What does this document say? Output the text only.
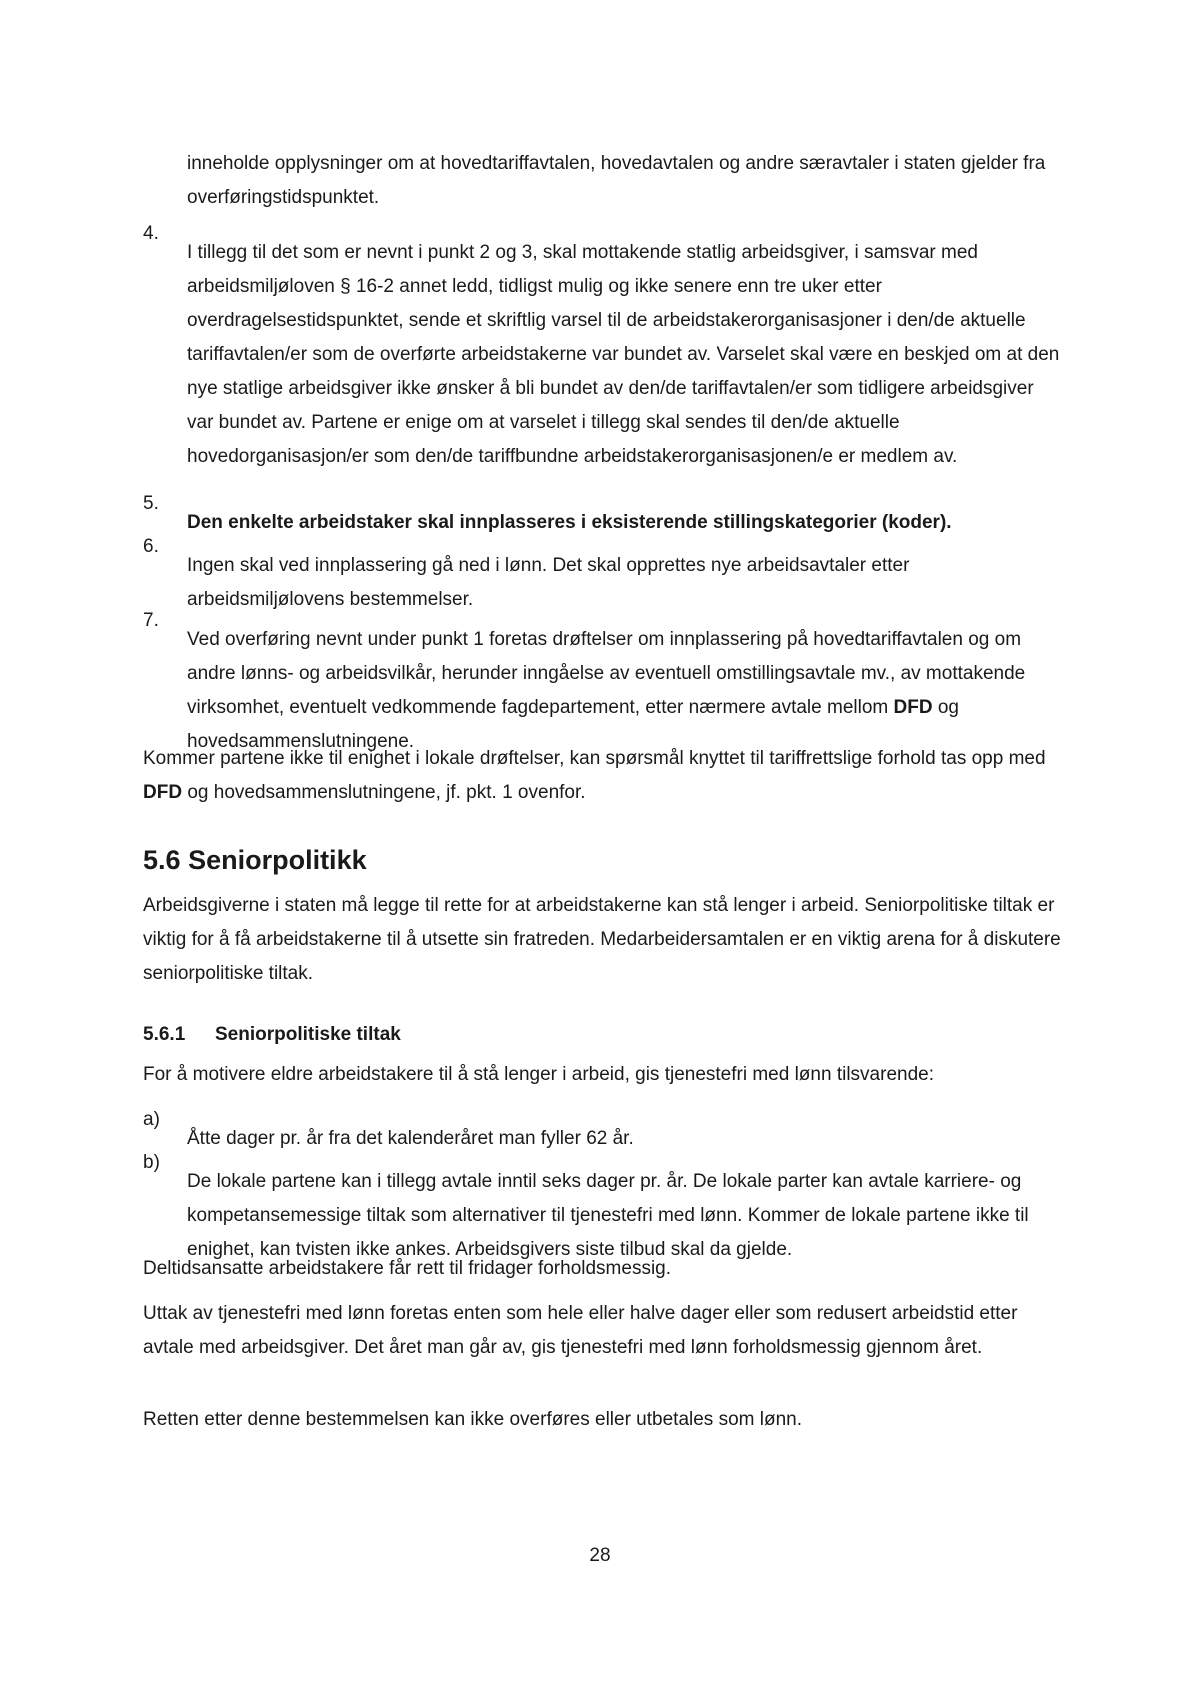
inneholde opplysninger om at hovedtariffavtalen, hovedavtalen og andre særavtaler i staten gjelder fra overføringstidspunktet.

4.

I tillegg til det som er nevnt i punkt 2 og 3, skal mottakende statlig arbeidsgiver, i samsvar med arbeidsmiljøloven § 16-2 annet ledd, tidligst mulig og ikke senere enn tre uker etter overdragelsestidspunktet, sende et skriftlig varsel til de arbeidstakerorganisasjoner i den/de aktuelle tariffavtalen/er som de overførte arbeidstakerne var bundet av. Varselet skal være en beskjed om at den nye statlige arbeidsgiver ikke ønsker å bli bundet av den/de tariffavtalen/er som tidligere arbeidsgiver var bundet av. Partene er enige om at varselet i tillegg skal sendes til den/de aktuelle hovedorganisasjon/er som den/de tariffbundne arbeidstakerorganisasjonen/e er medlem av.

5.

Den enkelte arbeidstaker skal innplasseres i eksisterende stillingskategorier (koder).

6.

Ingen skal ved innplassering gå ned i lønn. Det skal opprettes nye arbeidsavtaler etter arbeidsmiljølovens bestemmelser.

7.

Ved overføring nevnt under punkt 1 foretas drøftelser om innplassering på hovedtariffavtalen og om andre lønns- og arbeidsvilkår, herunder inngåelse av eventuell omstillingsavtale mv., av mottakende virksomhet, eventuelt vedkommende fagdepartement, etter nærmere avtale mellom DFD og hovedsammenslutningene.

Kommer partene ikke til enighet i lokale drøftelser, kan spørsmål knyttet til tariffrettslige forhold tas opp med DFD og hovedsammenslutningene, jf. pkt. 1 ovenfor.

5.6 Seniorpolitikk

Arbeidsgiverne i staten må legge til rette for at arbeidstakerne kan stå lenger i arbeid. Seniorpolitiske tiltak er viktig for å få arbeidstakerne til å utsette sin fratreden. Medarbeidersamtalen er en viktig arena for å diskutere seniorpolitiske tiltak.

5.6.1 Seniorpolitiske tiltak

For å motivere eldre arbeidstakere til å stå lenger i arbeid, gis tjenestefri med lønn tilsvarende:

a)

Åtte dager pr. år fra det kalenderåret man fyller 62 år.

b)

De lokale partene kan i tillegg avtale inntil seks dager pr. år. De lokale parter kan avtale karriere- og kompetansemessige tiltak som alternativer til tjenestefri med lønn. Kommer de lokale partene ikke til enighet, kan tvisten ikke ankes. Arbeidsgivers siste tilbud skal da gjelde.

Deltidsansatte arbeidstakere får rett til fridager forholdsmessig.

Uttak av tjenestefri med lønn foretas enten som hele eller halve dager eller som redusert arbeidstid etter avtale med arbeidsgiver. Det året man går av, gis tjenestefri med lønn forholdsmessig gjennom året.

Retten etter denne bestemmelsen kan ikke overføres eller utbetales som lønn.

28
